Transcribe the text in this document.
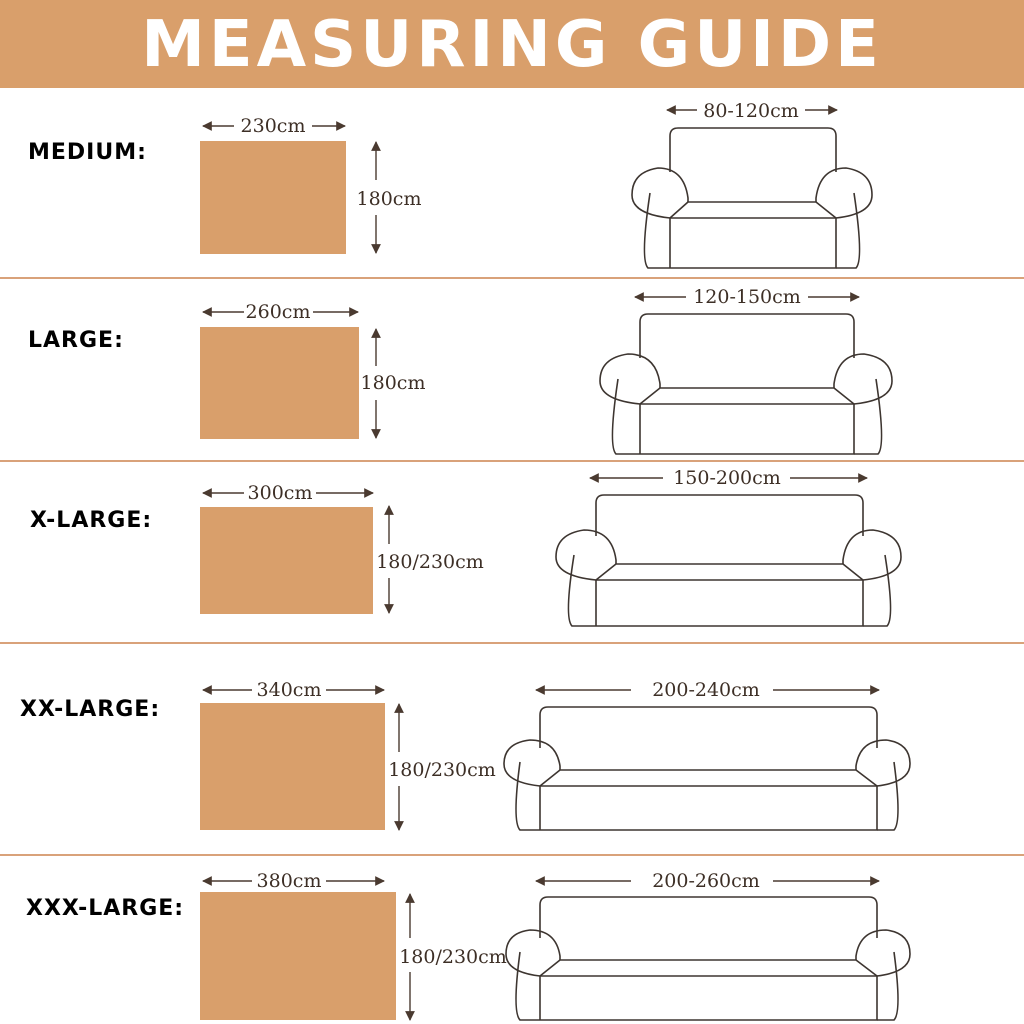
MEASURING GUIDE
MEDIUM:
LARGE:
X-LARGE:
XX-LARGE:
XXX-LARGE:
230cm
180cm
80-120cm
260cm
180cm
120-150cm
300cm
180/230cm
150-200cm
340cm
180/230cm
200-240cm
380cm
180/230cm
200-260cm
